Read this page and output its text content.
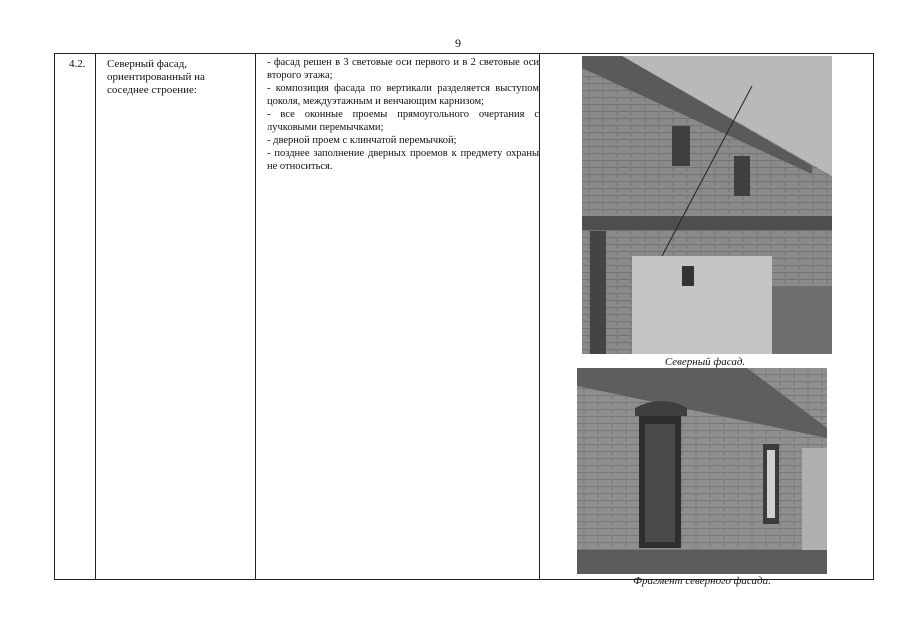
9
4.2.	Северный фасад,
ориентированный на
соседнее строение:

- фасад решен в 3 световые оси первого и в 2 световые оси второго этажа;

- композиция фасада по вертикали разделяется выступом цоколя, междуэтажным и венчающим карнизом;

- все оконные проемы прямоугольного очертания с лучковыми перемычками;

- дверной проем с клинчатой перемычкой;

- позднее заполнение дверных проемов к предмету охраны не относиться.

Северный фасад.
Фрагмент северного фасада.
